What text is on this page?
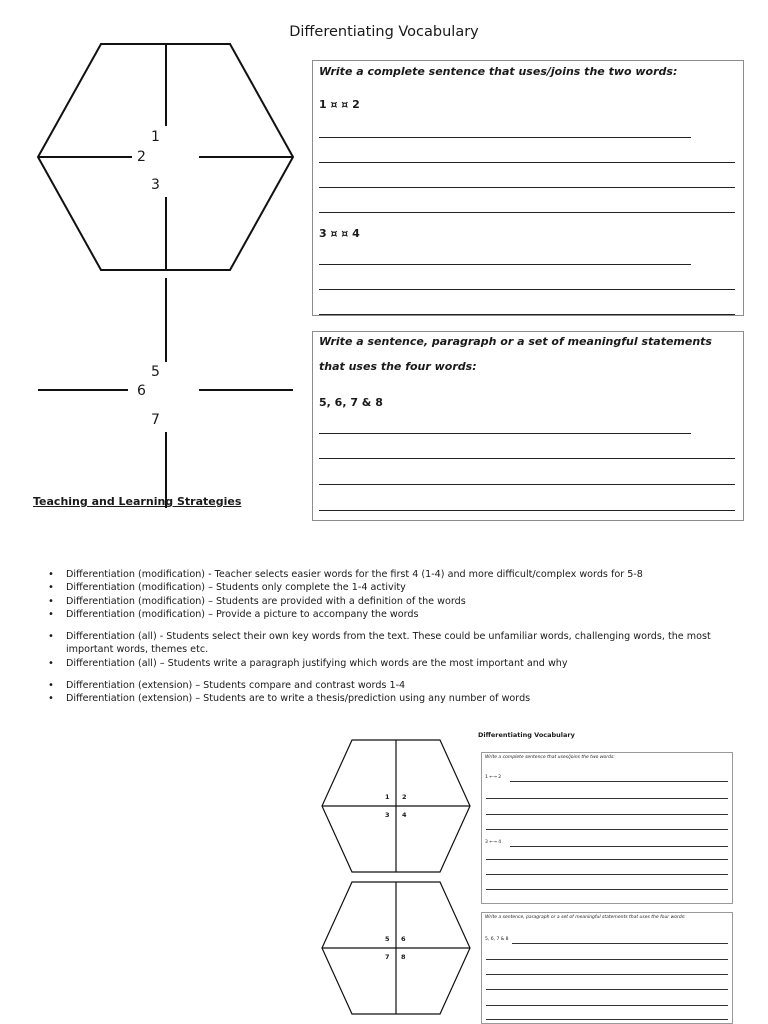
Differentiating Vocabulary
1
2
3
5
6
7
Write a complete sentence that uses/joins the two words:
1 ¤ ¤ 2
3 ¤ ¤ 4
Write a sentence, paragraph or a set of meaningful statements
that uses the four words:
5, 6, 7 & 8
Teaching and Learning Strategies
• Differentiation (modification) - Teacher selects easier words for the first 4 (1-4) and more difficult/complex words for 5-8
• Differentiation (modification) – Students only complete the 1-4 activity
• Differentiation (modification) – Students are provided with a definition of the words
• Differentiation (modification) – Provide a picture to accompany the words
• Differentiation (all) - Students select their own key words from the text. These could be unfamiliar words, challenging words, the most important words, themes etc.
• Differentiation (all) – Students write a paragraph justifying which words are the most important and why
• Differentiation (extension) – Students compare and contrast words 1-4
• Differentiation (extension) – Students are to write a thesis/prediction using any number of words
Differentiating Vocabulary
1 2
3 4
5 6
7 8
Write a complete sentence that uses/joins the two words:
1 ←→ 2
3 ←→ 4
Write a sentence, paragraph or a set of meaningful statements that uses the four words:
5, 6, 7 & 8
